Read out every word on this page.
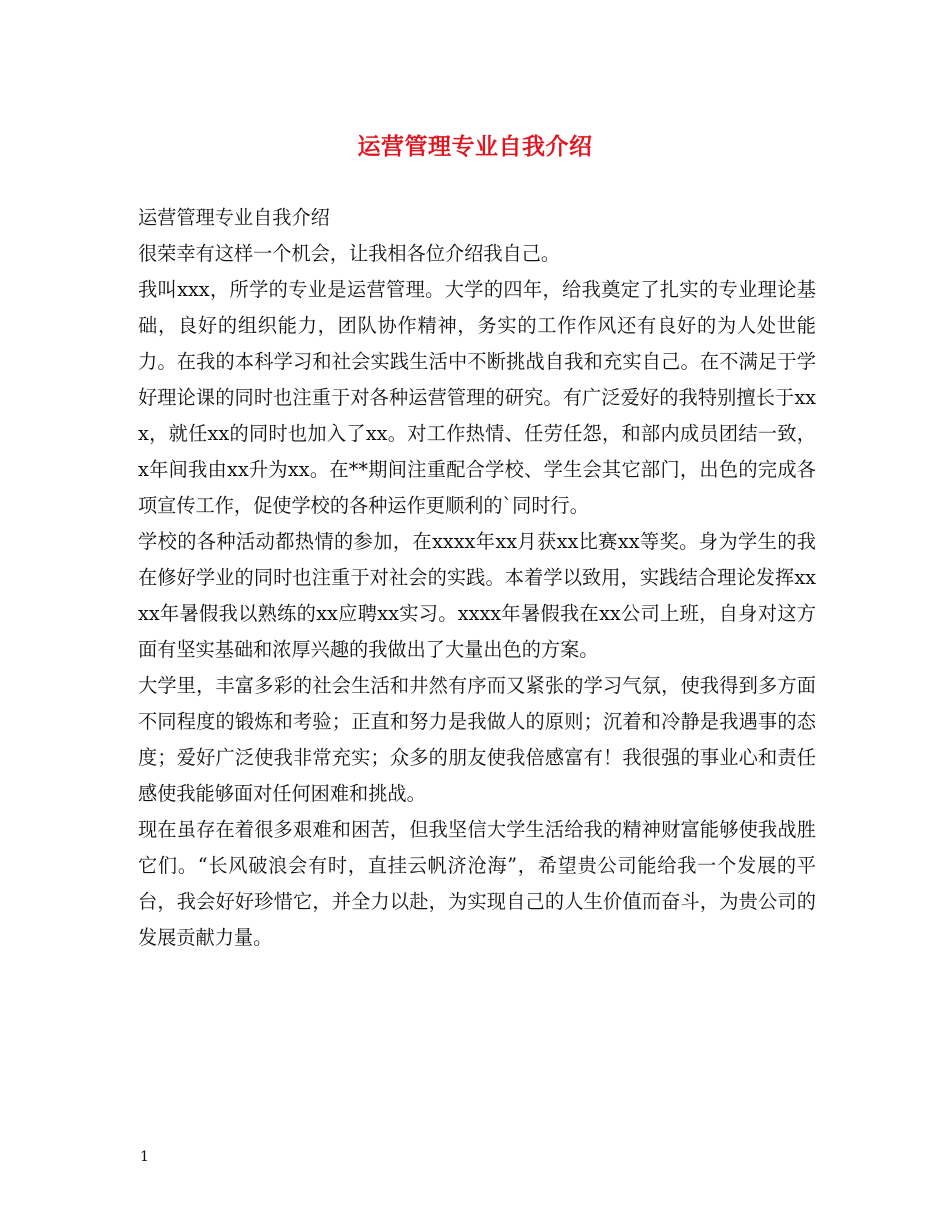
运营管理专业自我介绍

运营管理专业自我介绍

很荣幸有这样一个机会，让我相各位介绍我自己。

我叫xxx，所学的专业是运营管理。大学的四年，给我奠定了扎实的专业理论基础，良好的组织能力，团队协作精神，务实的工作作风还有良好的为人处世能力。在我的本科学习和社会实践生活中不断挑战自我和充实自己。在不满足于学好理论课的同时也注重于对各种运营管理的研究。有广泛爱好的我特别擅长于xxx，就任xx的同时也加入了xx。对工作热情、任劳任怨，和部内成员团结一致，x年间我由xx升为xx。在**期间注重配合学校、学生会其它部门，出色的完成各项宣传工作，促使学校的各种运作更顺利的`同时行。

学校的各种活动都热情的参加，在xxxx年xx月获xx比赛xx等奖。身为学生的我在修好学业的同时也注重于对社会的实践。本着学以致用，实践结合理论发挥xxxx年暑假我以熟练的xx应聘xx实习。xxxx年暑假我在xx公司上班，自身对这方面有坚实基础和浓厚兴趣的我做出了大量出色的方案。

大学里，丰富多彩的社会生活和井然有序而又紧张的学习气氛，使我得到多方面不同程度的锻炼和考验；正直和努力是我做人的原则；沉着和冷静是我遇事的态度；爱好广泛使我非常充实；众多的朋友使我倍感富有！我很强的事业心和责任感使我能够面对任何困难和挑战。

现在虽存在着很多艰难和困苦，但我坚信大学生活给我的精神财富能够使我战胜它们。“长风破浪会有时，直挂云帆济沧海”，希望贵公司能给我一个发展的平台，我会好好珍惜它，并全力以赴，为实现自己的人生价值而奋斗，为贵公司的发展贡献力量。

1
